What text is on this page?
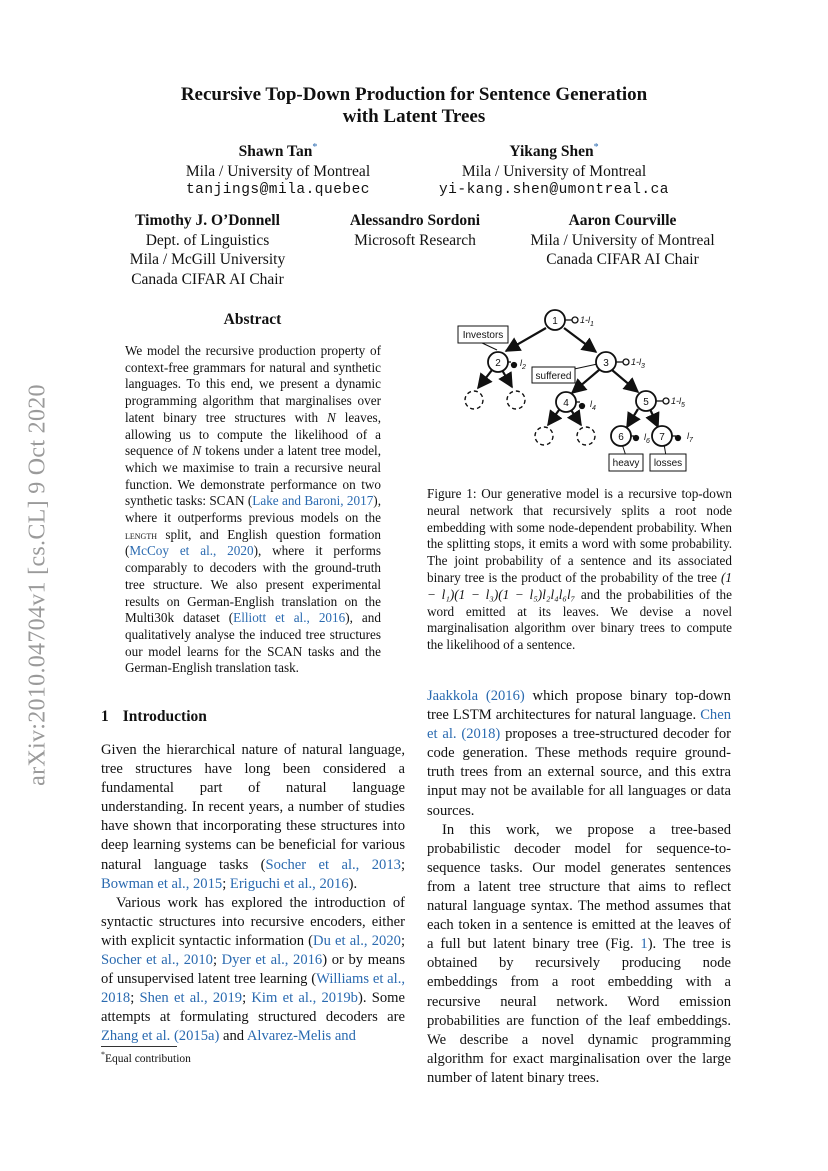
arXiv:2010.04704v1 [cs.CL] 9 Oct 2020
Recursive Top-Down Production for Sentence Generation
with Latent Trees
Shawn Tan*
Mila / University of Montreal
tanjings@mila.quebec
Yikang Shen*
Mila / University of Montreal
yi-kang.shen@umontreal.ca
Timothy J. O’Donnell
Dept. of Linguistics
Mila / McGill University
Canada CIFAR AI Chair
Alessandro Sordoni
Microsoft Research
Aaron Courville
Mila / University of Montreal
Canada CIFAR AI Chair
Abstract
We model the recursive production property of context-free grammars for natural and synthetic languages. To this end, we present a dynamic programming algorithm that marginalises over latent binary tree structures with N leaves, allowing us to compute the likelihood of a sequence of N tokens under a latent tree model, which we maximise to train a recursive neural function. We demonstrate performance on two synthetic tasks: SCAN (Lake and Baroni, 2017), where it outperforms previous models on the length split, and English question formation (McCoy et al., 2020), where it performs comparably to decoders with the ground-truth tree structure. We also present experimental results on German-English translation on the Multi30k dataset (Elliott et al., 2016), and qualitatively analyse the induced tree structures our model learns for the SCAN tasks and the German-English translation task.
1 Introduction

Given the hierarchical nature of natural language, tree structures have long been considered a fundamental part of natural language understanding. In recent years, a number of studies have shown that incorporating these structures into deep learning systems can be beneficial for various natural language tasks (Socher et al., 2013; Bowman et al., 2015; Eriguchi et al., 2016).

Various work has explored the introduction of syntactic structures into recursive encoders, either with explicit syntactic information (Du et al., 2020; Socher et al., 2010; Dyer et al., 2016) or by means of unsupervised latent tree learning (Williams et al., 2018; Shen et al., 2019; Kim et al., 2019b). Some attempts at formulating structured decoders are Zhang et al. (2015a) and Alvarez-Melis and

*Equal contribution
1
2	3
4	5
6	7
$1-l_1$
$1-l_3$
$1-l_5$
$l_2$
$l_4$
$l_6$
$l_7$
Investors
suffered
heavy losses
Figure 1: Our generative model is a recursive top-down neural network that recursively splits a root node embedding with some node-dependent probability. When the splitting stops, it emits a word with some probability. The joint probability of a sentence and its associated binary tree is the product of the probability of the tree (1 − l₁)(1 − l₃)(1 − l₅)l₂l₄l₆l₇ and the probabilities of the word emitted at its leaves. We devise a novel marginalisation algorithm over binary trees to compute the likelihood of a sentence.

Jaakkola (2016) which propose binary top-down tree LSTM architectures for natural language. Chen et al. (2018) proposes a tree-structured decoder for code generation. These methods require ground-truth trees from an external source, and this extra input may not be available for all languages or data sources.

In this work, we propose a tree-based probabilistic decoder model for sequence-to-sequence tasks. Our model generates sentences from a latent tree structure that aims to reflect natural language syntax. The method assumes that each token in a sentence is emitted at the leaves of a full but latent binary tree (Fig. 1). The tree is obtained by recursively producing node embeddings from a root embedding with a recursive neural network. Word emission probabilities are function of the leaf embeddings. We describe a novel dynamic programming algorithm for exact marginalisation over the large number of latent binary trees.
